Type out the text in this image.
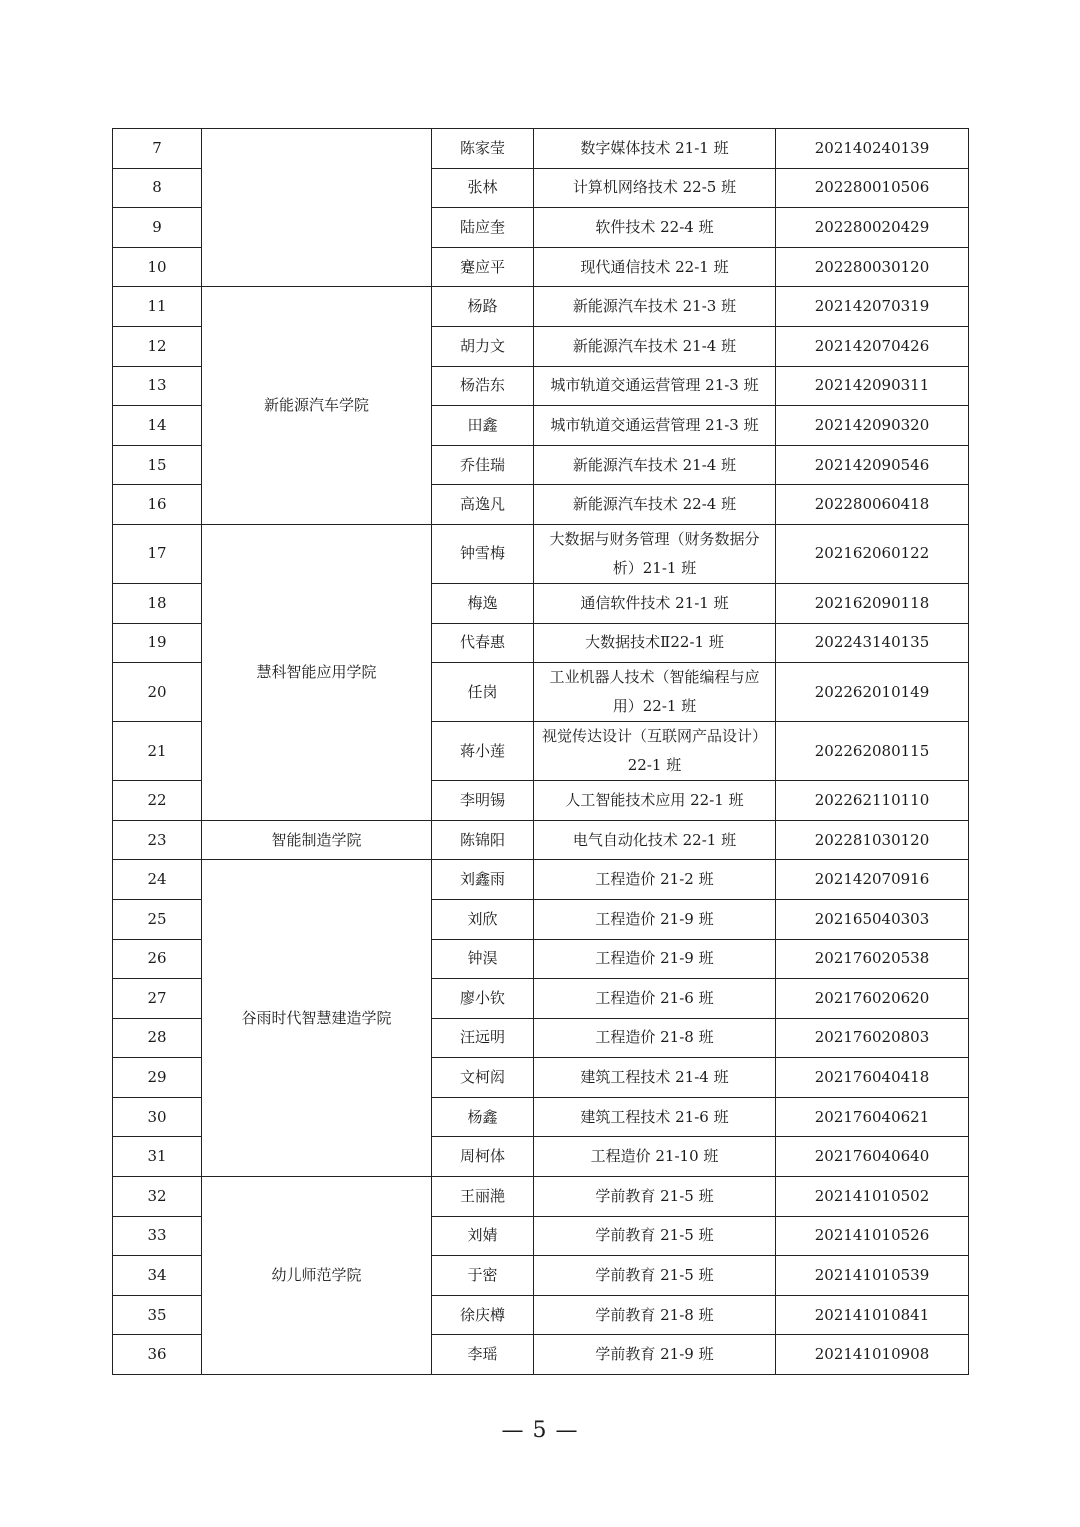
7		陈家莹	数字媒体技术 21-1 班	202140240139
8		张林	计算机网络技术 22-5 班	202280010506
9		陆应奎	软件技术 22-4 班	202280020429
10		蹇应平	现代通信技术 22-1 班	202280030120
11	新能源汽车学院	杨路	新能源汽车技术 21-3 班	202142070319
12		胡力文	新能源汽车技术 21-4 班	202142070426
13		杨浩东	城市轨道交通运营管理 21-3 班	202142090311
14		田鑫	城市轨道交通运营管理 21-3 班	202142090320
15		乔佳瑞	新能源汽车技术 21-4 班	202142090546
16		高逸凡	新能源汽车技术 22-4 班	202280060418
17	慧科智能应用学院	钟雪梅	大数据与财务管理（财务数据分析）21-1 班	202162060122
18		梅逸	通信软件技术 21-1 班	202162090118
19		代春惠	大数据技术Ⅱ22-1 班	202243140135
20		任岗	工业机器人技术（智能编程与应用）22-1 班	202262010149
21		蒋小莲	视觉传达设计（互联网产品设计）22-1 班	202262080115
22		李明锡	人工智能技术应用 22-1 班	202262110110
23	智能制造学院	陈锦阳	电气自动化技术 22-1 班	202281030120
24	谷雨时代智慧建造学院	刘鑫雨	工程造价 21-2 班	202142070916
25		刘欣	工程造价 21-9 班	202165040303
26		钟淏	工程造价 21-9 班	202176020538
27		廖小钦	工程造价 21-6 班	202176020620
28		汪远明	工程造价 21-8 班	202176020803
29		文柯闳	建筑工程技术 21-4 班	202176040418
30		杨鑫	建筑工程技术 21-6 班	202176040621
31		周柯体	工程造价 21-10 班	202176040640
32	幼儿师范学院	王丽滟	学前教育 21-5 班	202141010502
33		刘婧	学前教育 21-5 班	202141010526
34		于密	学前教育 21-5 班	202141010539
35		徐庆樽	学前教育 21-8 班	202141010841
36		李瑶	学前教育 21-9 班	202141010908
— 5 —
